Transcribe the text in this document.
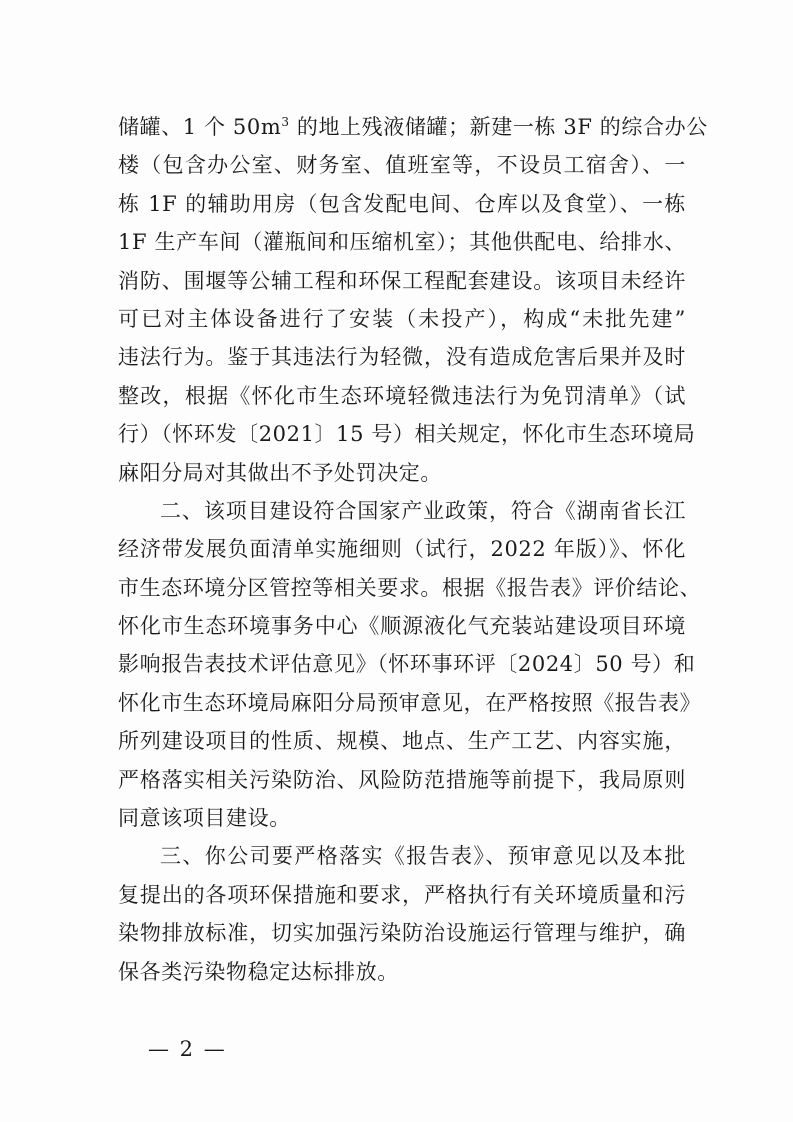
储罐、1 个 $50m^3$ 的地上残液储罐；新建一栋 3F 的综合办公
楼（包含办公室、财务室、值班室等，不设员工宿舍）、一
栋 1F 的辅助用房（包含发配电间、仓库以及食堂）、一栋
1F 生产车间（灌瓶间和压缩机室）；其他供配电、给排水、
消防、围堰等公辅工程和环保工程配套建设。该项目未经许
可已对主体设备进行了安装（未投产），构成“未批先建”
违法行为。鉴于其违法行为轻微，没有造成危害后果并及时
整改，根据《怀化市生态环境轻微违法行为免罚清单》（试
行）（怀环发〔2021〕15 号）相关规定，怀化市生态环境局
麻阳分局对其做出不予处罚决定。
二、该项目建设符合国家产业政策，符合《湖南省长江
经济带发展负面清单实施细则（试行，2022 年版）》、怀化
市生态环境分区管控等相关要求。根据《报告表》评价结论、
怀化市生态环境事务中心《顺源液化气充装站建设项目环境
影响报告表技术评估意见》（怀环事环评〔2024〕50 号）和
怀化市生态环境局麻阳分局预审意见，在严格按照《报告表》
所列建设项目的性质、规模、地点、生产工艺、内容实施，
严格落实相关污染防治、风险防范措施等前提下，我局原则
同意该项目建设。
三、你公司要严格落实《报告表》、预审意见以及本批
复提出的各项环保措施和要求，严格执行有关环境质量和污
染物排放标准，切实加强污染防治设施运行管理与维护，确
保各类污染物稳定达标排放。
— 2 —
